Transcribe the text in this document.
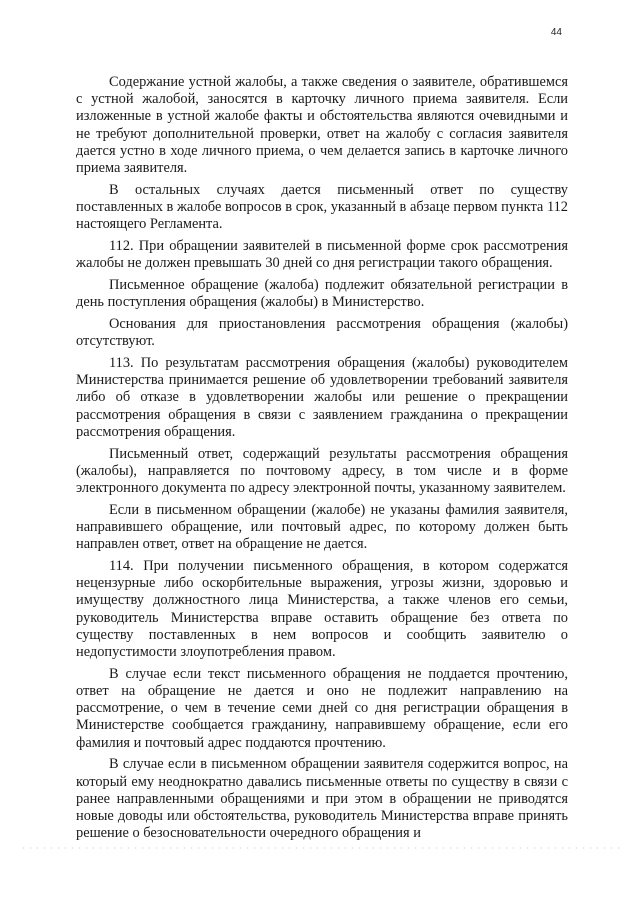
44

Содержание устной жалобы, а также сведения о заявителе, обратившемся с устной жалобой, заносятся в карточку личного приема заявителя. Если изложенные в устной жалобе факты и обстоятельства являются очевидными и не требуют дополнительной проверки, ответ на жалобу с согласия заявителя дается устно в ходе личного приема, о чем делается запись в карточке личного приема заявителя.

В остальных случаях дается письменный ответ по существу поставленных в жалобе вопросов в срок, указанный в абзаце первом пункта 112 настоящего Регламента.

112. При обращении заявителей в письменной форме срок рассмотрения жалобы не должен превышать 30 дней со дня регистрации такого обращения.

Письменное обращение (жалоба) подлежит обязательной регистрации в день поступления обращения (жалобы) в Министерство.

Основания для приостановления рассмотрения обращения (жалобы) отсутствуют.

113. По результатам рассмотрения обращения (жалобы) руководителем Министерства принимается решение об удовлетворении требований заявителя либо об отказе в удовлетворении жалобы или решение о прекращении рассмотрения обращения в связи с заявлением гражданина о прекращении рассмотрения обращения.

Письменный ответ, содержащий результаты рассмотрения обращения (жалобы), направляется по почтовому адресу, в том числе и в форме электронного документа по адресу электронной почты, указанному заявителем.

Если в письменном обращении (жалобе) не указаны фамилия заявителя, направившего обращение, или почтовый адрес, по которому должен быть направлен ответ, ответ на обращение не дается.

114. При получении письменного обращения, в котором содержатся нецензурные либо оскорбительные выражения, угрозы жизни, здоровью и имуществу должностного лица Министерства, а также членов его семьи, руководитель Министерства вправе оставить обращение без ответа по существу поставленных в нем вопросов и сообщить заявителю о недопустимости злоупотребления правом.

В случае если текст письменного обращения не поддается прочтению, ответ на обращение не дается и оно не подлежит направлению на рассмотрение, о чем в течение семи дней со дня регистрации обращения в Министерстве сообщается гражданину, направившему обращение, если его фамилия и почтовый адрес поддаются прочтению.

В случае если в письменном обращении заявителя содержится вопрос, на который ему неоднократно давались письменные ответы по существу в связи с ранее направленными обращениями и при этом в обращении не приводятся новые доводы или обстоятельства, руководитель Министерства вправе принять решение о безосновательности очередного обращения и
